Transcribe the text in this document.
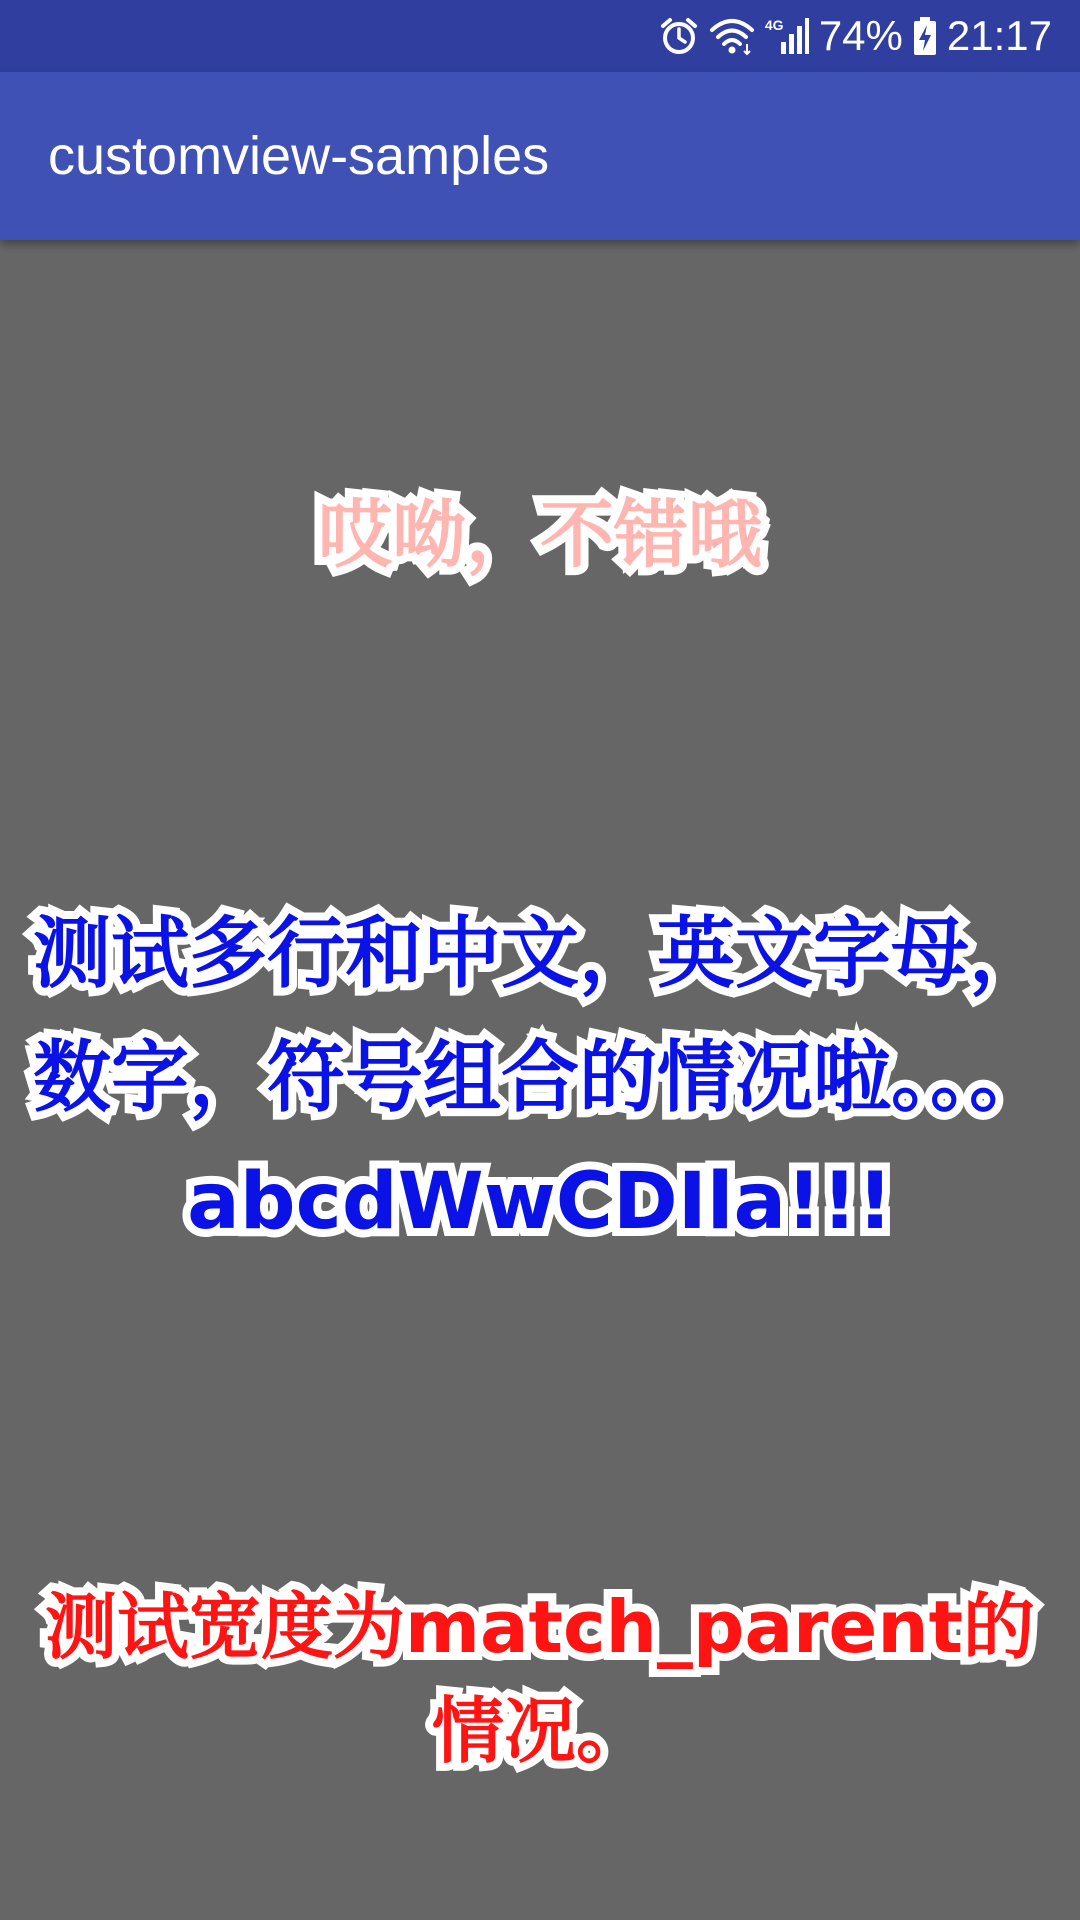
4G 74% 21:17
customview-samples
哎呦，不错哦
测试多行和中文，英文字母，数字，符号组合的情况啦。。。abcdWwCDIla!!!
测试宽度为match_parent的情况。
